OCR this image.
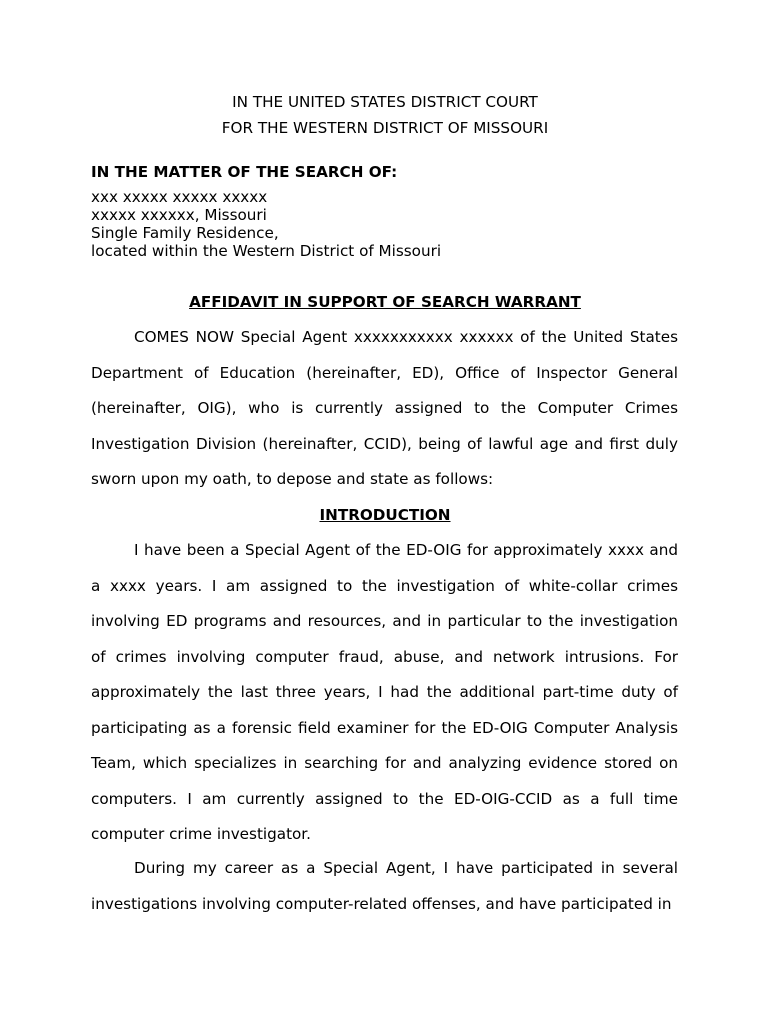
IN THE UNITED STATES DISTRICT COURT
FOR THE WESTERN DISTRICT OF MISSOURI
IN THE MATTER OF THE SEARCH OF:
xxx xxxxx xxxxx xxxxx
xxxxx xxxxxx, Missouri
Single Family Residence,
located within the Western District of Missouri
AFFIDAVIT IN SUPPORT OF SEARCH WARRANT

COMES NOW Special Agent xxxxxxxxxxx xxxxxx of the United States Department of Education (hereinafter, ED), Office of Inspector General (hereinafter, OIG), who is currently assigned to the Computer Crimes Investigation Division (hereinafter, CCID), being of lawful age and first duly sworn upon my oath, to depose and state as follows:

INTRODUCTION

I have been a Special Agent of the ED-OIG for approximately xxxx and a xxxx years. I am assigned to the investigation of white-collar crimes involving ED programs and resources, and in particular to the investigation of crimes involving computer fraud, abuse, and network intrusions. For approximately the last three years, I had the additional part-time duty of participating as a forensic field examiner for the ED-OIG Computer Analysis Team, which specializes in searching for and analyzing evidence stored on computers. I am currently assigned to the ED-OIG-CCID as a full time computer crime investigator.

During my career as a Special Agent, I have participated in several investigations involving computer-related offenses, and have participated in
